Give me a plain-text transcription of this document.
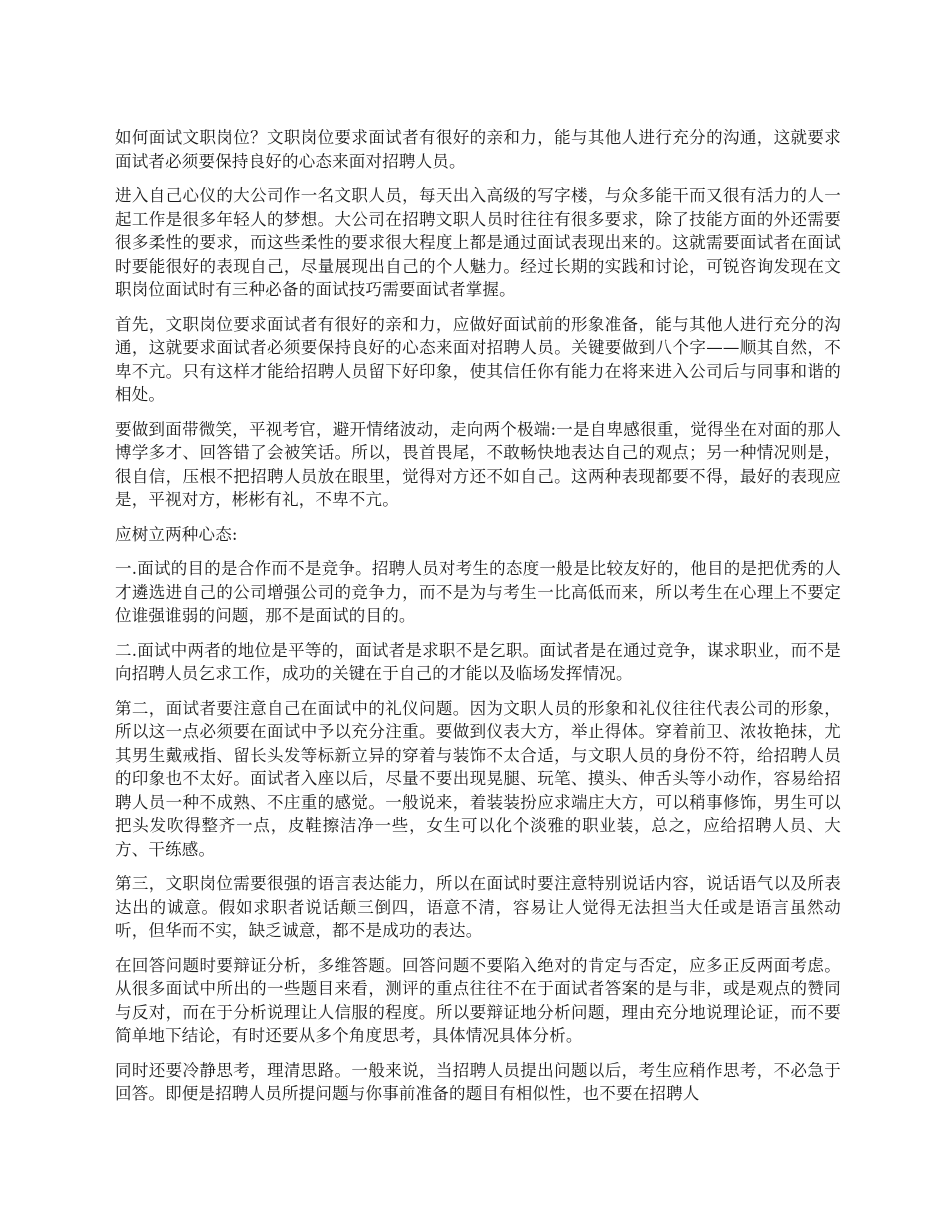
如何面试文职岗位？文职岗位要求面试者有很好的亲和力，能与其他人进行充分的沟通，这就要求面试者必须要保持良好的心态来面对招聘人员。

进入自己心仪的大公司作一名文职人员，每天出入高级的写字楼，与众多能干而又很有活力的人一起工作是很多年轻人的梦想。大公司在招聘文职人员时往往有很多要求，除了技能方面的外还需要很多柔性的要求，而这些柔性的要求很大程度上都是通过面试表现出来的。这就需要面试者在面试时要能很好的表现自己，尽量展现出自己的个人魅力。经过长期的实践和讨论，可锐咨询发现在文职岗位面试时有三种必备的面试技巧需要面试者掌握。

首先，文职岗位要求面试者有很好的亲和力，应做好面试前的形象准备，能与其他人进行充分的沟通，这就要求面试者必须要保持良好的心态来面对招聘人员。关键要做到八个字——顺其自然，不卑不亢。只有这样才能给招聘人员留下好印象，使其信任你有能力在将来进入公司后与同事和谐的相处。

要做到面带微笑，平视考官，避开情绪波动，走向两个极端:一是自卑感很重，觉得坐在对面的那人博学多才、回答错了会被笑话。所以，畏首畏尾，不敢畅快地表达自己的观点；另一种情况则是，很自信，压根不把招聘人员放在眼里，觉得对方还不如自己。这两种表现都要不得，最好的表现应是，平视对方，彬彬有礼，不卑不亢。

应树立两种心态:

一.面试的目的是合作而不是竞争。招聘人员对考生的态度一般是比较友好的，他目的是把优秀的人才遴选进自己的公司增强公司的竞争力，而不是为与考生一比高低而来，所以考生在心理上不要定位谁强谁弱的问题，那不是面试的目的。

二.面试中两者的地位是平等的，面试者是求职不是乞职。面试者是在通过竞争，谋求职业，而不是向招聘人员乞求工作，成功的关键在于自己的才能以及临场发挥情况。

第二，面试者要注意自己在面试中的礼仪问题。因为文职人员的形象和礼仪往往代表公司的形象，所以这一点必须要在面试中予以充分注重。要做到仪表大方，举止得体。穿着前卫、浓妆艳抹，尤其男生戴戒指、留长头发等标新立异的穿着与装饰不太合适，与文职人员的身份不符，给招聘人员的印象也不太好。面试者入座以后，尽量不要出现晃腿、玩笔、摸头、伸舌头等小动作，容易给招聘人员一种不成熟、不庄重的感觉。一般说来，着装装扮应求端庄大方，可以稍事修饰，男生可以把头发吹得整齐一点，皮鞋擦洁净一些，女生可以化个淡雅的职业装，总之，应给招聘人员、大方、干练感。

第三，文职岗位需要很强的语言表达能力，所以在面试时要注意特别说话内容，说话语气以及所表达出的诚意。假如求职者说话颠三倒四，语意不清，容易让人觉得无法担当大任或是语言虽然动听，但华而不实，缺乏诚意，都不是成功的表达。

在回答问题时要辩证分析，多维答题。回答问题不要陷入绝对的肯定与否定，应多正反两面考虑。从很多面试中所出的一些题目来看，测评的重点往往不在于面试者答案的是与非，或是观点的赞同与反对，而在于分析说理让人信服的程度。所以要辩证地分析问题，理由充分地说理论证，而不要简单地下结论，有时还要从多个角度思考，具体情况具体分析。

同时还要冷静思考，理清思路。一般来说，当招聘人员提出问题以后，考生应稍作思考，不必急于回答。即便是招聘人员所提问题与你事前准备的题目有相似性，也不要在招聘人
